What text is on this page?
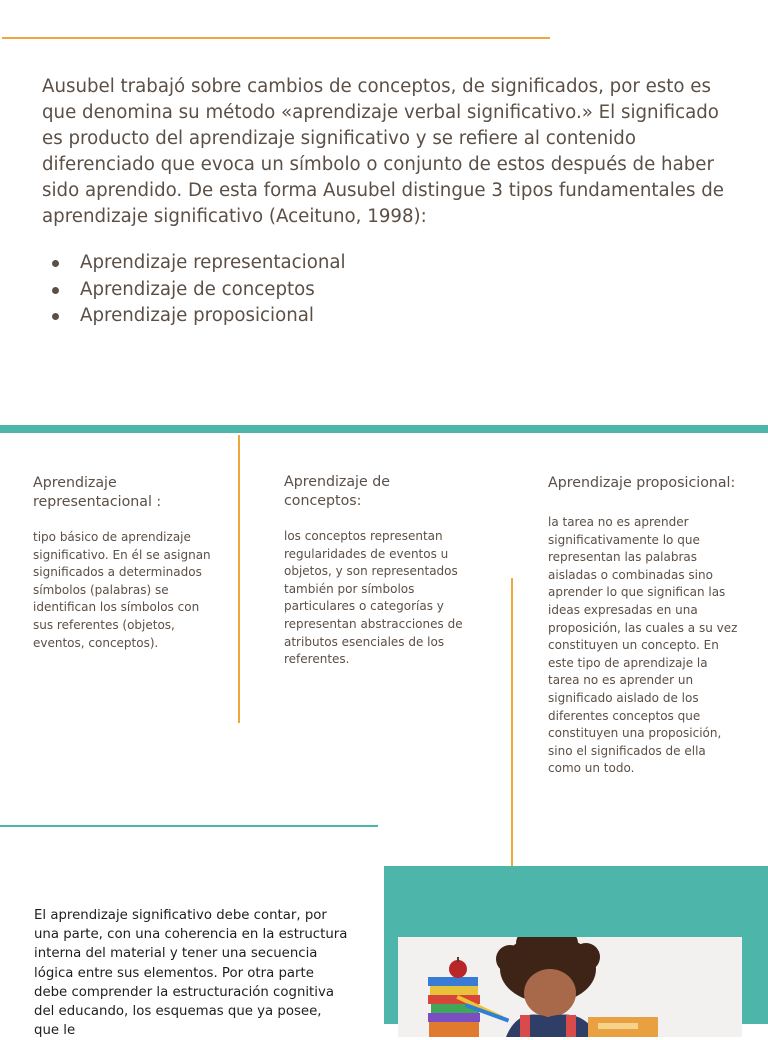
Ausubel trabajó sobre cambios de conceptos, de significados, por esto es que denomina su método «aprendizaje verbal significativo.» El significado es producto del aprendizaje significativo y se refiere al contenido diferenciado que evoca un símbolo o conjunto de estos después de haber sido aprendido. De esta forma Ausubel distingue 3 tipos fundamentales de aprendizaje significativo (Aceituno, 1998):

Aprendizaje representacional
Aprendizaje de conceptos
Aprendizaje proposicional

Aprendizaje representacional :

tipo básico de aprendizaje significativo. En él se asignan significados a determinados símbolos (palabras) se identifican los símbolos con sus referentes (objetos, eventos, conceptos).

Aprendizaje de conceptos:

los conceptos representan regularidades de eventos u objetos, y son representados también por símbolos particulares o categorías y representan abstracciones de atributos esenciales de los referentes.

Aprendizaje proposicional:

la tarea no es aprender significativamente lo que representan las palabras aisladas o combinadas sino aprender lo que significan las ideas expresadas en una proposición, las cuales a su vez constituyen un concepto. En este tipo de aprendizaje la tarea no es aprender un significado aislado de los diferentes conceptos que constituyen una proposición, sino el significados de ella como un todo.

El aprendizaje significativo debe contar, por una parte, con una coherencia en la estructura interna del material y tener una secuencia lógica entre sus elementos. Por otra parte debe comprender la estructuración cognitiva del educando, los esquemas que ya posee, que le
